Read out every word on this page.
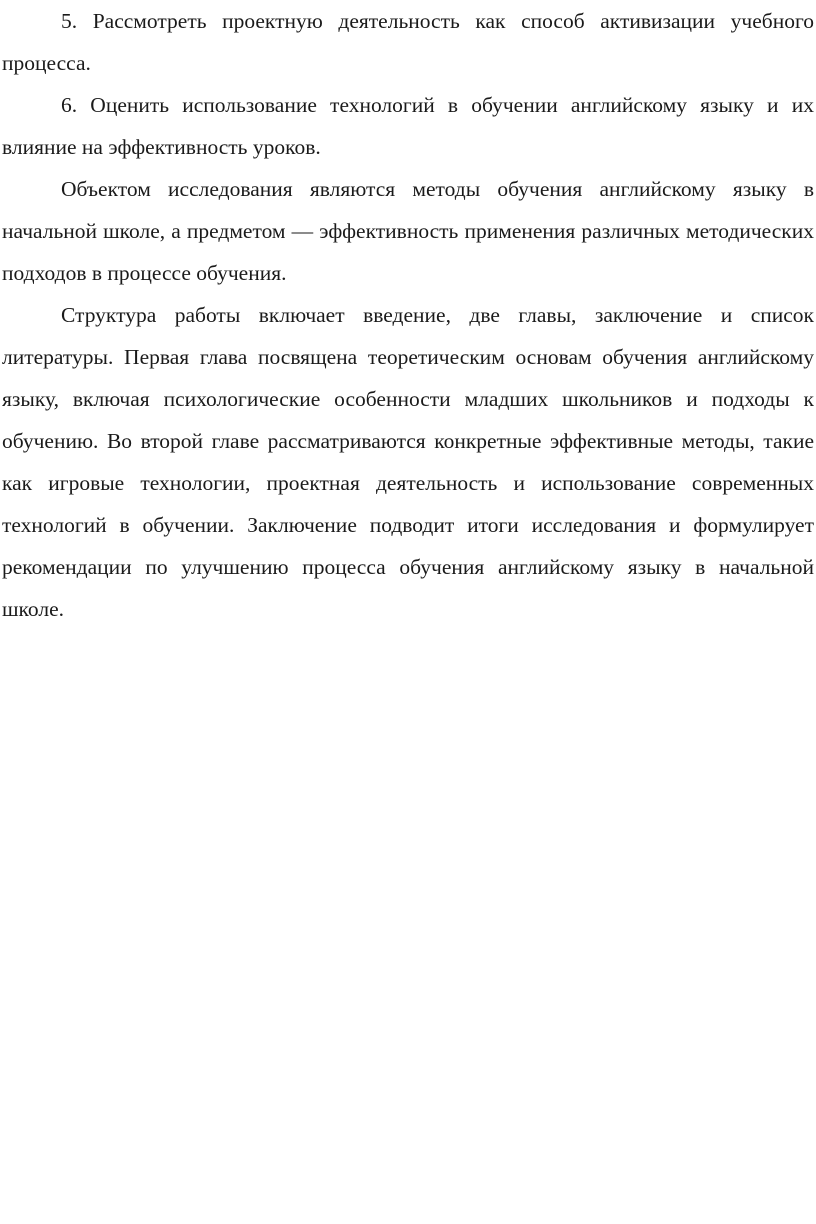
5. Рассмотреть проектную деятельность как способ активизации учебного процесса.

6. Оценить использование технологий в обучении английскому языку и их влияние на эффективность уроков.

Объектом исследования являются методы обучения английскому языку в начальной школе, а предметом — эффективность применения различных методических подходов в процессе обучения.

Структура работы включает введение, две главы, заключение и список литературы. Первая глава посвящена теоретическим основам обучения английскому языку, включая психологические особенности младших школьников и подходы к обучению. Во второй главе рассматриваются конкретные эффективные методы, такие как игровые технологии, проектная деятельность и использование современных технологий в обучении. Заключение подводит итоги исследования и формулирует рекомендации по улучшению процесса обучения английскому языку в начальной школе.
